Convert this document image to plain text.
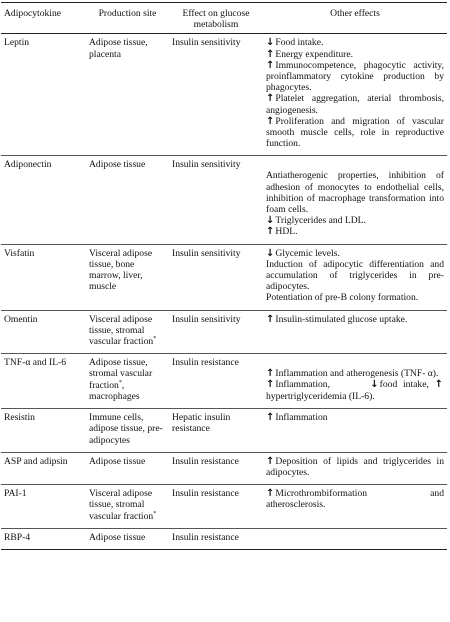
Adipocytokine	Production site	Effect on glucose metabolism	Other effects
Leptin	Adipose tissue, placenta	Insulin sensitivity	↓Food intake.

↑Energy expenditure.

↑Immunocompetence, phagocytic activity, proinflammatory cytokine production by phagocytes.

↑Platelet aggregation, aterial thrombosis, angiogenesis.

↑Proliferation and migration of vascular smooth muscle cells, role in reproductive function.

Adiponectin	Adipose tissue	Insulin sensitivity	Antiatherogenic properties, inhibition of adhesion of monocytes to endothelial cells, inhibition of macrophage transformation into foam cells.

↓Triglycerides and LDL.

↑HDL.

Visfatin	Visceral adipose tissue, bone marrow, liver, muscle	Insulin sensitivity	↓Glycemic levels.

Induction of adipocytic differentiation and accumulation of triglycerides in pre-adipocytes.

Potentiation of pre-B colony formation.

Omentin	Visceral adipose tissue, stromal vascular fraction*	Insulin sensitivity	↑Insulin-stimulated glucose uptake.

TNF-α and IL-6	Adipose tissue, stromal vascular fraction*, macrophages	Insulin resistance	↑Inflammation and atherogenesis (TNF- α).

↑Inflammation, ↓food intake, ↑hypertriglyceridemia (IL-6).

Resistin	Immune cells, adipose tissue, pre-adipocytes	Hepatic insulin resistance	↑Inflammation

ASP and adipsin	Adipose tissue	Insulin resistance	↑Deposition of lipids and triglycerides in adipocytes.

PAI-1	Visceral adipose tissue, stromal vascular fraction*	Insulin resistance	↑Microthrombiformation and atherosclerosis.

RBP-4	Adipose tissue	Insulin resistance	
